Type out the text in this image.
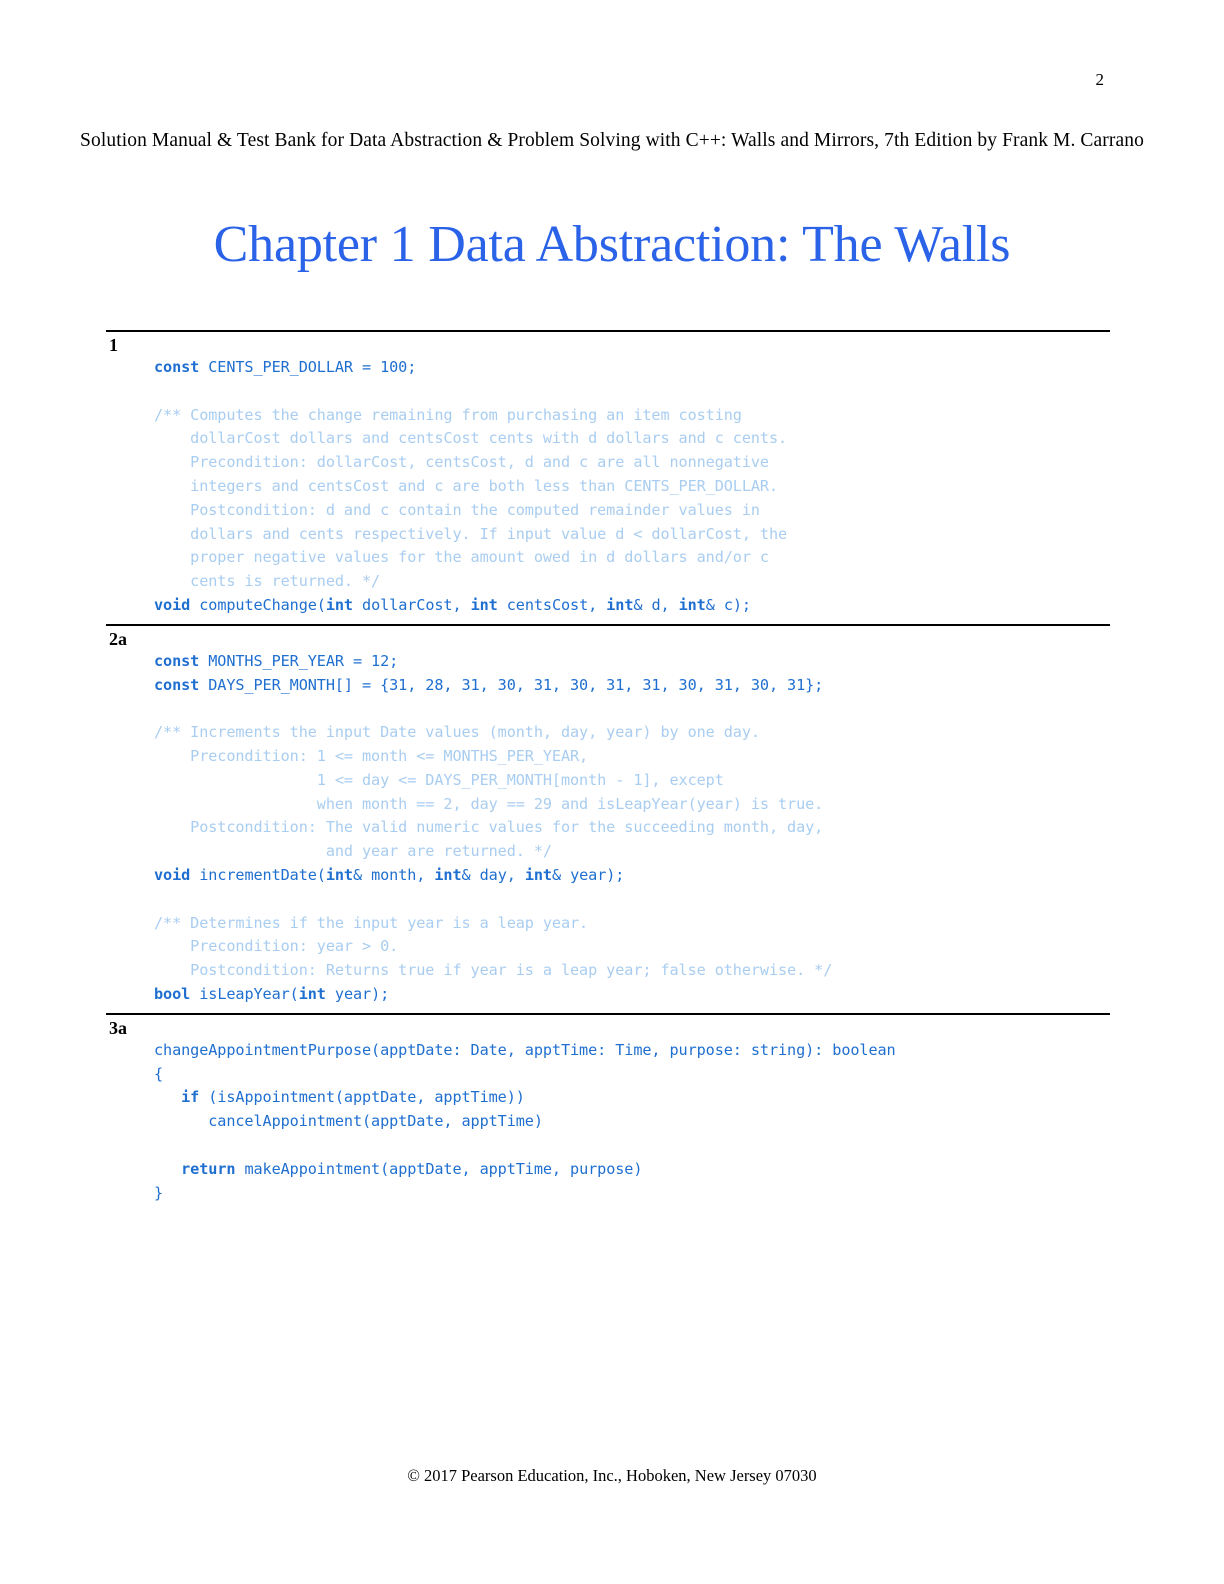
2
Solution Manual & Test Bank for Data Abstraction & Problem Solving with C++: Walls and Mirrors, 7th Edition by Frank M. Carrano
Chapter 1 Data Abstraction: The Walls
1
const CENTS_PER_DOLLAR = 100;

/** Computes the change remaining from purchasing an item costing
dollarCost dollars and centsCost cents with d dollars and c cents.
Precondition: dollarCost, centsCost, d and c are all nonnegative
integers and centsCost and c are both less than CENTS_PER_DOLLAR.
Postcondition: d and c contain the computed remainder values in
dollars and cents respectively. If input value d < dollarCost, the
proper negative values for the amount owed in d dollars and/or c
cents is returned. */
void computeChange(int dollarCost, int centsCost, int& d, int& c);
2a
const MONTHS_PER_YEAR = 12;
const DAYS_PER_MONTH[] = {31, 28, 31, 30, 31, 30, 31, 31, 30, 31, 30, 31};

/** Increments the input Date values (month, day, year) by one day.
Precondition: 1 <= month <= MONTHS_PER_YEAR,
1 <= day <= DAYS_PER_MONTH[month - 1], except
when month == 2, day == 29 and isLeapYear(year) is true.
Postcondition: The valid numeric values for the succeeding month, day,
and year are returned. */
void incrementDate(int& month, int& day, int& year);

/** Determines if the input year is a leap year.
Precondition: year > 0.
Postcondition: Returns true if year is a leap year; false otherwise. */
bool isLeapYear(int year);
3a
changeAppointmentPurpose(apptDate: Date, apptTime: Time, purpose: string): boolean
{
if (isAppointment(apptDate, apptTime))
cancelAppointment(apptDate, apptTime)

return makeAppointment(apptDate, apptTime, purpose)
}
© 2017 Pearson Education, Inc., Hoboken, New Jersey 07030
